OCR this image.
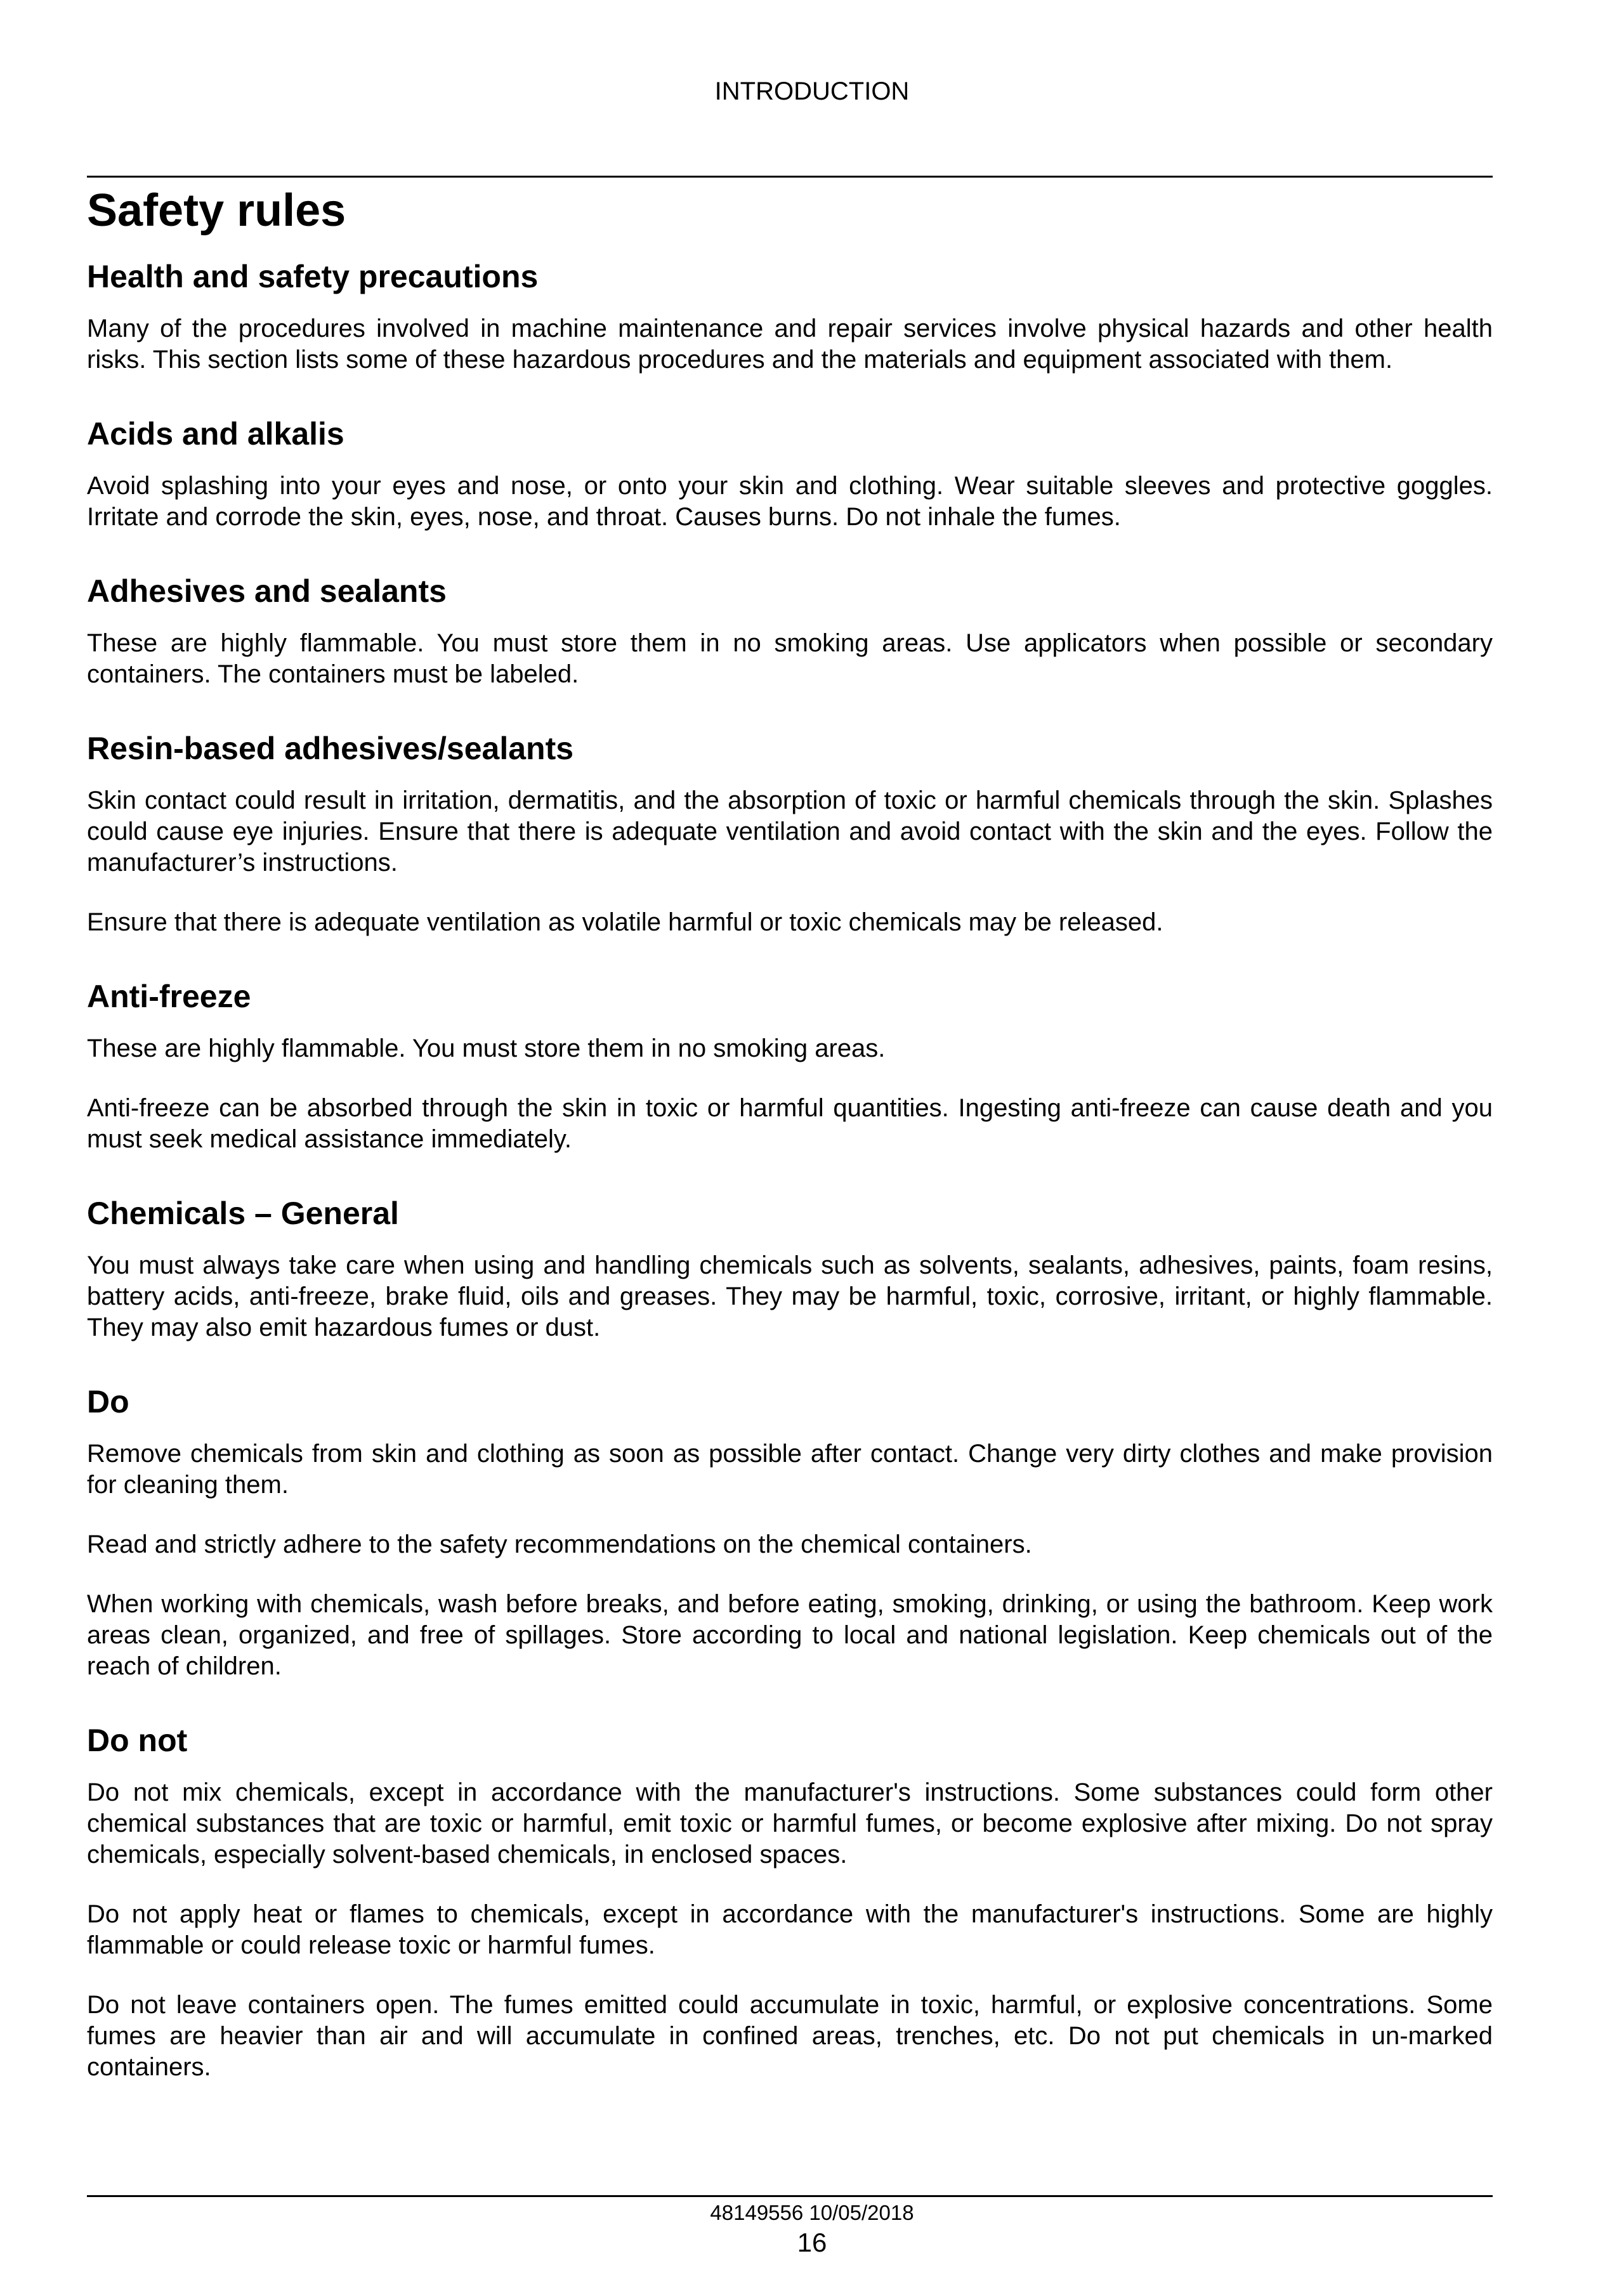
INTRODUCTION
Safety rules
Health and safety precautions

Many of the procedures involved in machine maintenance and repair services involve physical hazards and other health risks. This section lists some of these hazardous procedures and the materials and equipment associated with them.

Acids and alkalis

Avoid splashing into your eyes and nose, or onto your skin and clothing. Wear suitable sleeves and protective goggles. Irritate and corrode the skin, eyes, nose, and throat. Causes burns. Do not inhale the fumes.

Adhesives and sealants

These are highly flammable. You must store them in no smoking areas. Use applicators when possible or secondary containers. The containers must be labeled.

Resin-based adhesives/sealants

Skin contact could result in irritation, dermatitis, and the absorption of toxic or harmful chemicals through the skin. Splashes could cause eye injuries. Ensure that there is adequate ventilation and avoid contact with the skin and the eyes. Follow the manufacturer’s instructions.

Ensure that there is adequate ventilation as volatile harmful or toxic chemicals may be released.

Anti-freeze

These are highly flammable. You must store them in no smoking areas.

Anti-freeze can be absorbed through the skin in toxic or harmful quantities. Ingesting anti-freeze can cause death and you must seek medical assistance immediately.

Chemicals – General

You must always take care when using and handling chemicals such as solvents, sealants, adhesives, paints, foam resins, battery acids, anti-freeze, brake fluid, oils and greases. They may be harmful, toxic, corrosive, irritant, or highly flammable. They may also emit hazardous fumes or dust.

Do

Remove chemicals from skin and clothing as soon as possible after contact. Change very dirty clothes and make provision for cleaning them.

Read and strictly adhere to the safety recommendations on the chemical containers.

When working with chemicals, wash before breaks, and before eating, smoking, drinking, or using the bathroom. Keep work areas clean, organized, and free of spillages. Store according to local and national legislation. Keep chemicals out of the reach of children.

Do not

Do not mix chemicals, except in accordance with the manufacturer's instructions. Some substances could form other chemical substances that are toxic or harmful, emit toxic or harmful fumes, or become explosive after mixing. Do not spray chemicals, especially solvent-based chemicals, in enclosed spaces.

Do not apply heat or flames to chemicals, except in accordance with the manufacturer's instructions. Some are highly flammable or could release toxic or harmful fumes.

Do not leave containers open. The fumes emitted could accumulate in toxic, harmful, or explosive concentrations. Some fumes are heavier than air and will accumulate in confined areas, trenches, etc. Do not put chemicals in un-marked containers.

48149556 10/05/2018
16
